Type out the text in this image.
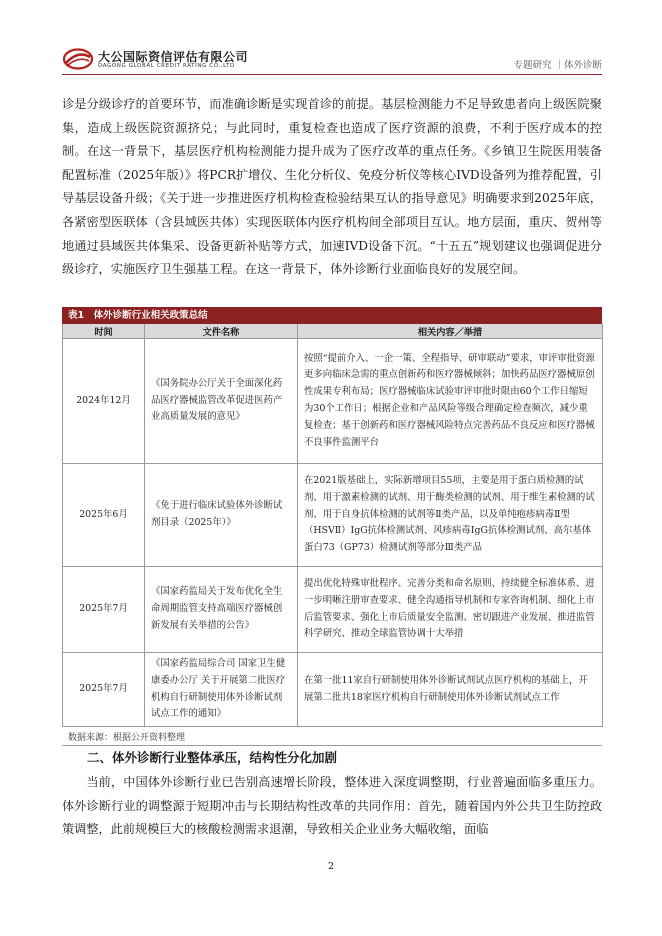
大公国际资信评估有限公司
DAGONG GLOBAL CREDIT RATING CO.,LTD	专题研究 ｜体外诊断
诊是分级诊疗的首要环节，而准确诊断是实现首诊的前提。基层检测能力不足导致患者向上级医院聚集，造成上级医院资源挤兑；与此同时，重复检查也造成了医疗资源的浪费，不利于医疗成本的控制。在这一背景下，基层医疗机构检测能力提升成为了医疗改革的重点任务。《乡镇卫生院医用装备配置标准（2025年版）》将PCR扩增仪、生化分析仪、免疫分析仪等核心IVD设备列为推荐配置，引导基层设备升级；《关于进一步推进医疗机构检查检验结果互认的指导意见》明确要求到2025年底，各紧密型医联体（含县域医共体）实现医联体内医疗机构间全部项目互认。地方层面，重庆、贺州等地通过县域医共体集采、设备更新补贴等方式，加速IVD设备下沉。“十五五”规划建议也强调促进分级诊疗，实施医疗卫生强基工程。在这一背景下，体外诊断行业面临良好的发展空间。
表1　体外诊断行业相关政策总结
时间	文件名称	相关内容／举措
2024年12月	《国务院办公厅关于全面深化药品医疗器械监管改革促进医药产业高质量发展的意见》	按照“提前介入、一企一策、全程指导、研审联动”要求，审评审批资源更多向临床急需的重点创新药和医疗器械倾斜；加快药品医疗器械原创性成果专利布局；医疗器械临床试验审评审批时限由60个工作日缩短为30个工作日；根据企业和产品风险等级合理确定检查频次，减少重复检查；基于创新药和医疗器械风险特点完善药品不良反应和医疗器械不良事件监测平台
2025年6月	《免于进行临床试验体外诊断试剂目录（2025年）》	在2021版基础上，实际新增项目55项，主要是用于蛋白质检测的试剂、用于激素检测的试剂、用于酶类检测的试剂、用于维生素检测的试剂、用于自身抗体检测的试剂等Ⅱ类产品，以及单纯疱疹病毒Ⅱ型（HSVⅡ）IgG抗体检测试剂、风疹病毒IgG抗体检测试剂、高尔基体蛋白73（GP73）检测试剂等部分Ⅲ类产品
2025年7月	《国家药监局关于发布优化全生命周期监管支持高端医疗器械创新发展有关举措的公告》	提出优化特殊审批程序、完善分类和命名原则、持续健全标准体系、进一步明晰注册审查要求、健全沟通指导机制和专家咨询机制、细化上市后监管要求、强化上市后质量安全监测、密切跟进产业发展、推进监管科学研究、推动全球监管协调十大举措
2025年7月	《国家药监局综合司 国家卫生健康委办公厅 关于开展第二批医疗机构自行研制使用体外诊断试剂试点工作的通知》	在第一批11家自行研制使用体外诊断试剂试点医疗机构的基础上，开展第二批共18家医疗机构自行研制使用体外诊断试剂试点工作
数据来源：根据公开资料整理
二、体外诊断行业整体承压，结构性分化加剧
当前，中国体外诊断行业已告别高速增长阶段，整体进入深度调整期，行业普遍面临多重压力。体外诊断行业的调整源于短期冲击与长期结构性改革的共同作用：首先，随着国内外公共卫生防控政策调整，此前规模巨大的核酸检测需求退潮，导致相关企业业务大幅收缩，面临
2
